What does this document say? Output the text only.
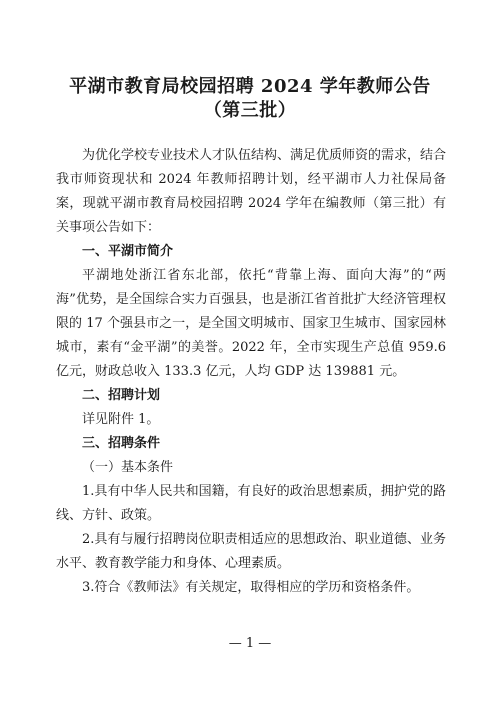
平湖市教育局校园招聘 2024 学年教师公告
（第三批）

为优化学校专业技术人才队伍结构、满足优质师资的需求，结合我市师资现状和 2024 年教师招聘计划，经平湖市人力社保局备案，现就平湖市教育局校园招聘 2024 学年在编教师（第三批）有关事项公告如下：

一、平湖市简介

平湖地处浙江省东北部，依托“背靠上海、面向大海”的“两海”优势，是全国综合实力百强县，也是浙江省首批扩大经济管理权限的 17 个强县市之一，是全国文明城市、国家卫生城市、国家园林城市，素有“金平湖”的美誉。2022 年，全市实现生产总值 959.6 亿元，财政总收入 133.3 亿元，人均 GDP 达 139881 元。

二、招聘计划

详见附件 1。

三、招聘条件

（一）基本条件

1.具有中华人民共和国籍，有良好的政治思想素质，拥护党的路线、方针、政策。

2.具有与履行招聘岗位职责相适应的思想政治、职业道德、业务水平、教育教学能力和身体、心理素质。

3.符合《教师法》有关规定，取得相应的学历和资格条件。

— 1 —
